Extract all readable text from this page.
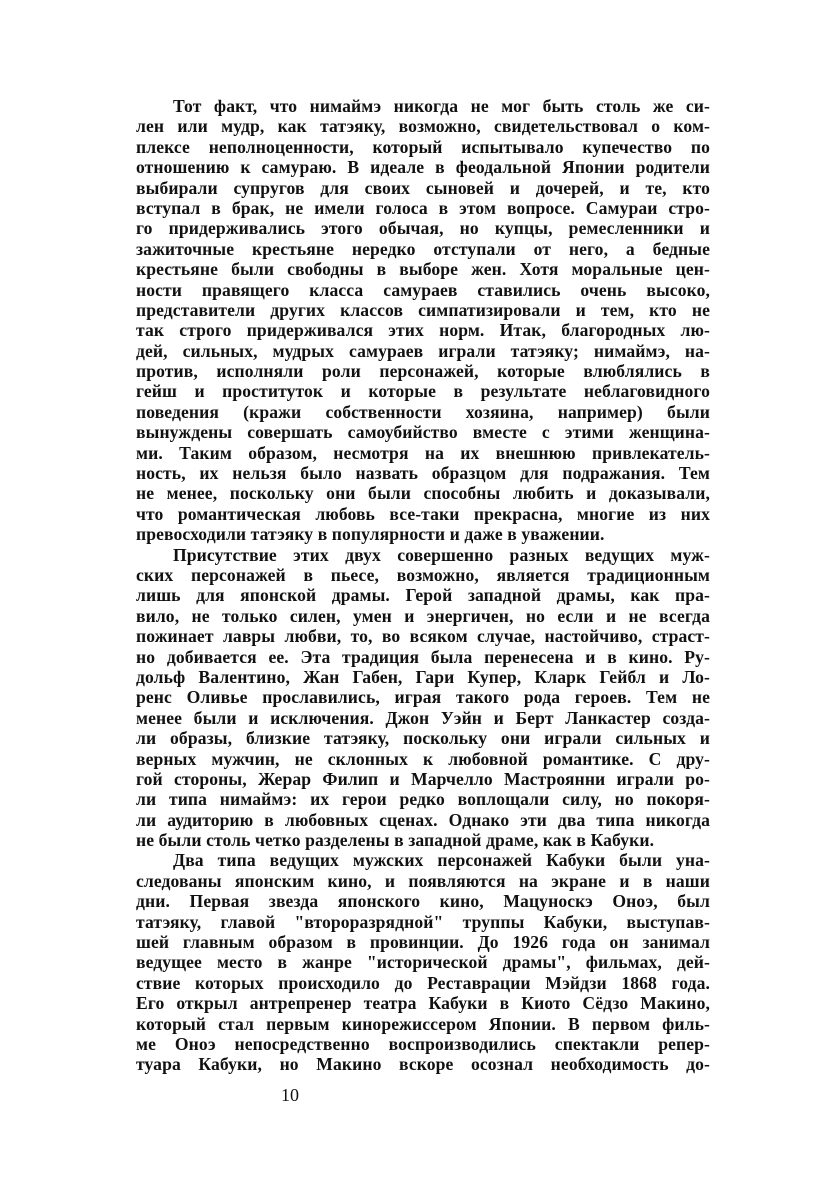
Тот факт, что нимаймэ никогда не мог быть столь же си-
лен или мудр, как татэяку, возможно, свидетельствовал о ком-
плексе неполноценности, который испытывало купечество по
отношению к самураю. В идеале в феодальной Японии родители
выбирали супругов для своих сыновей и дочерей, и те, кто
вступал в брак, не имели голоса в этом вопросе. Самураи стро-
го придерживались этого обычая, но купцы, ремесленники и
зажиточные крестьяне нередко отступали от него, а бедные
крестьяне были свободны в выборе жен. Хотя моральные цен-
ности правящего класса самураев ставились очень высоко,
представители других классов симпатизировали и тем, кто не
так строго придерживался этих норм. Итак, благородных лю-
дей, сильных, мудрых самураев играли татэяку; нимаймэ, на-
против, исполняли роли персонажей, которые влюблялись в
гейш и проституток и которые в результате неблаговидного
поведения (кражи собственности хозяина, например) были
вынуждены совершать самоубийство вместе с этими женщина-
ми. Таким образом, несмотря на их внешнюю привлекатель-
ность, их нельзя было назвать образцом для подражания. Тем
не менее, поскольку они были способны любить и доказывали,
что романтическая любовь все-таки прекрасна, многие из них
превосходили татэяку в популярности и даже в уважении.
Присутствие этих двух совершенно разных ведущих муж-
ских персонажей в пьесе, возможно, является традиционным
лишь для японской драмы. Герой западной драмы, как пра-
вило, не только силен, умен и энергичен, но если и не всегда
пожинает лавры любви, то, во всяком случае, настойчиво, страст-
но добивается ее. Эта традиция была перенесена и в кино. Ру-
дольф Валентино, Жан Габен, Гари Купер, Кларк Гейбл и Ло-
ренс Оливье прославились, играя такого рода героев. Тем не
менее были и исключения. Джон Уэйн и Берт Ланкастер созда-
ли образы, близкие татэяку, поскольку они играли сильных и
верных мужчин, не склонных к любовной романтике. С дру-
гой стороны, Жерар Филип и Марчелло Мастроянни играли ро-
ли типа нимаймэ: их герои редко воплощали силу, но покоря-
ли аудиторию в любовных сценах. Однако эти два типа никогда
не были столь четко разделены в западной драме, как в Кабуки.
Два типа ведущих мужских персонажей Кабуки были уна-
следованы японским кино, и появляются на экране и в наши
дни. Первая звезда японского кино, Мацуноскэ Оноэ, был
татэяку, главой "второразрядной" труппы Кабуки, выступав-
шей главным образом в провинции. До 1926 года он занимал
ведущее место в жанре "исторической драмы", фильмах, дей-
ствие которых происходило до Реставрации Мэйдзи 1868 года.
Его открыл антрепренер театра Кабуки в Киото Сёдзо Макино,
который стал первым кинорежиссером Японии. В первом филь-
ме Оноэ непосредственно воспроизводились спектакли репер-
туара Кабуки, но Макино вскоре осознал необходимость до-
10
